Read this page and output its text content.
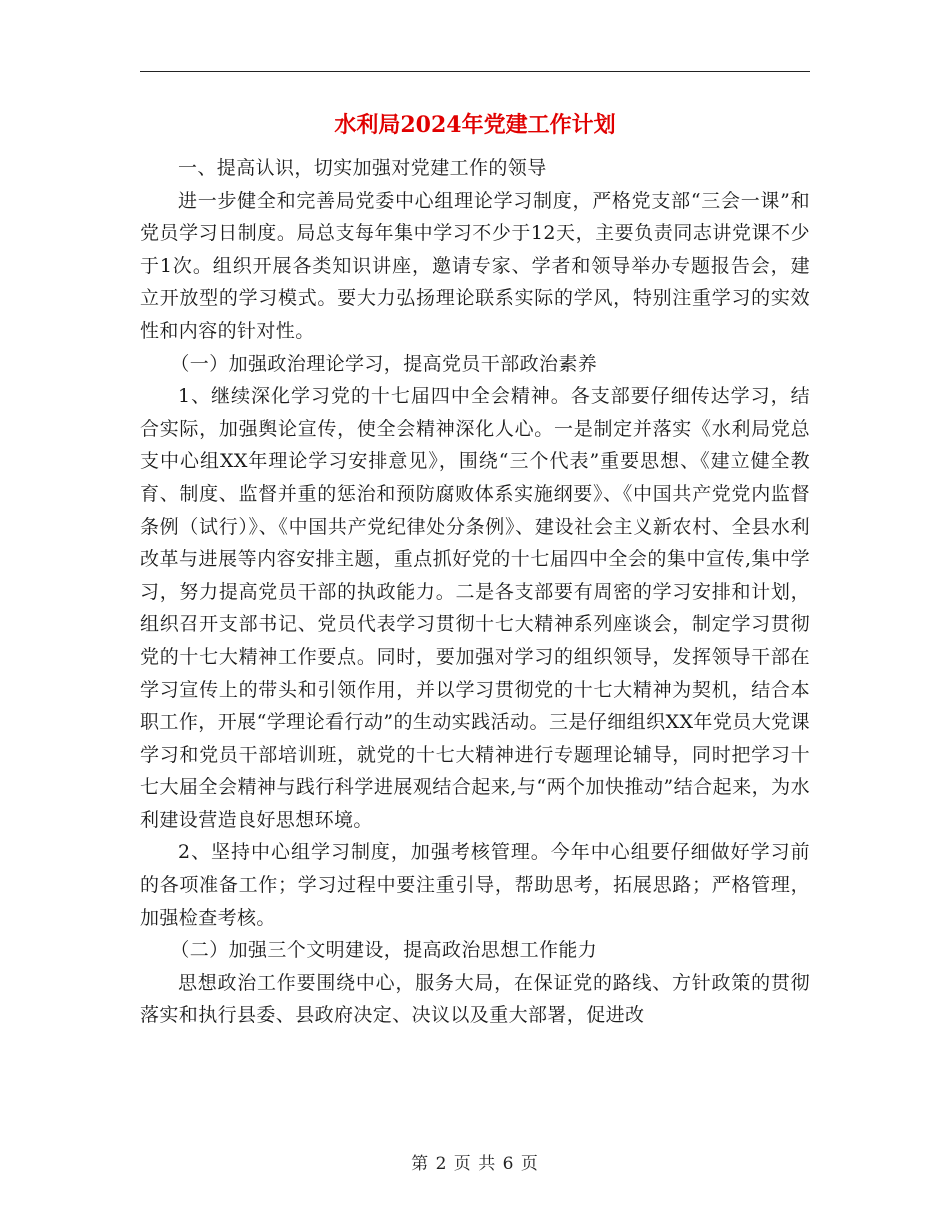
水利局2024年党建工作计划

一、提高认识，切实加强对党建工作的领导

进一步健全和完善局党委中心组理论学习制度，严格党支部“三会一课”和党员学习日制度。局总支每年集中学习不少于12天，主要负责同志讲党课不少于1次。组织开展各类知识讲座，邀请专家、学者和领导举办专题报告会，建立开放型的学习模式。要大力弘扬理论联系实际的学风，特别注重学习的实效性和内容的针对性。

（一）加强政治理论学习，提高党员干部政治素养

1、继续深化学习党的十七届四中全会精神。各支部要仔细传达学习，结合实际，加强舆论宣传，使全会精神深化人心。一是制定并落实《水利局党总支中心组XX年理论学习安排意见》，围绕“三个代表”重要思想、《建立健全教育、制度、监督并重的惩治和预防腐败体系实施纲要》、《中国共产党党内监督条例（试行）》、《中国共产党纪律处分条例》、建设社会主义新农村、全县水利改革与进展等内容安排主题，重点抓好党的十七届四中全会的集中宣传,集中学习，努力提高党员干部的执政能力。二是各支部要有周密的学习安排和计划，组织召开支部书记、党员代表学习贯彻十七大精神系列座谈会，制定学习贯彻党的十七大精神工作要点。同时，要加强对学习的组织领导，发挥领导干部在学习宣传上的带头和引领作用，并以学习贯彻党的十七大精神为契机，结合本职工作，开展“学理论看行动”的生动实践活动。三是仔细组织XX年党员大党课学习和党员干部培训班，就党的十七大精神进行专题理论辅导，同时把学习十七大届全会精神与践行科学进展观结合起来,与“两个加快推动”结合起来，为水利建设营造良好思想环境。

2、坚持中心组学习制度，加强考核管理。今年中心组要仔细做好学习前的各项准备工作；学习过程中要注重引导，帮助思考，拓展思路；严格管理，加强检查考核。

（二）加强三个文明建设，提高政治思想工作能力

思想政治工作要围绕中心，服务大局，在保证党的路线、方针政策的贯彻落实和执行县委、县政府决定、决议以及重大部署，促进改

第 2 页 共 6 页
